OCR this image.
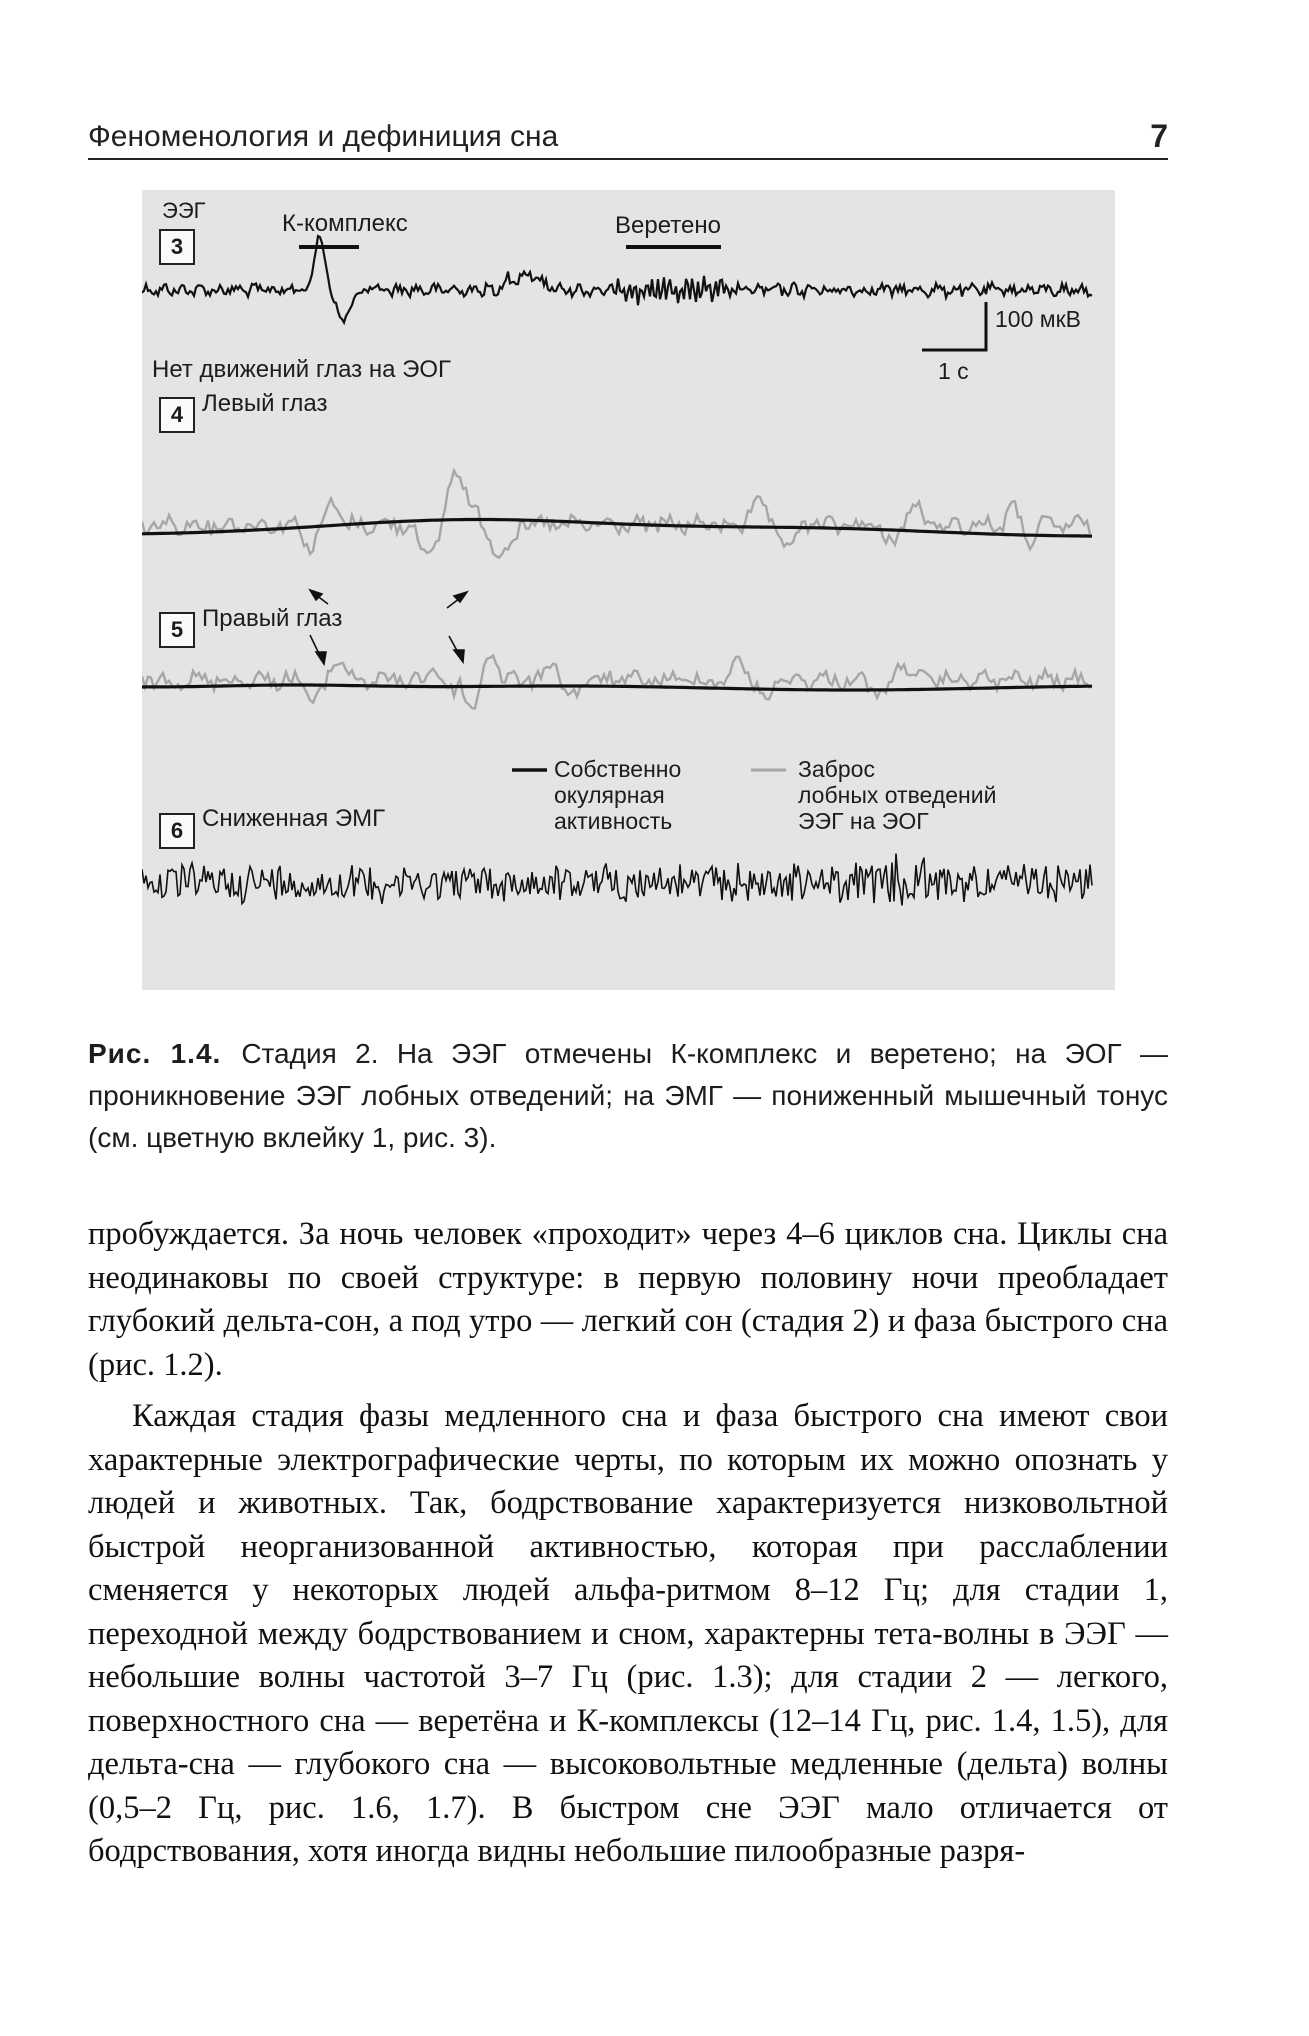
Феноменология и дефиниция сна	7
ЭЭГ
3
К-комплекс	Веретено
100 мкВ
1 с
Нет движений глаз на ЭОГ
4 Левый глаз
5 Правый глаз
Собственно
окулярная
активность
Заброс
лобных отведений
ЭЭГ на ЭОГ
6 Сниженная ЭМГ
Рис. 1.4. Стадия 2. На ЭЭГ отмечены К-комплекс и веретено; на ЭОГ — проникновение ЭЭГ лобных отведений; на ЭМГ — пониженный мышечный тонус (см. цветную вклейку 1, рис. 3).

пробуждается. За ночь человек «проходит» через 4–6 циклов сна. Циклы сна неодинаковы по своей структуре: в первую половину ночи преобладает глубокий дельта-сон, а под утро — легкий сон (стадия 2) и фаза быстрого сна (рис. 1.2).

Каждая стадия фазы медленного сна и фаза быстрого сна имеют свои характерные электрографические черты, по которым их можно опознать у людей и животных. Так, бодрствование характеризуется низковольтной быстрой неорганизованной активностью, которая при расслаблении сменяется у некоторых людей альфа-ритмом 8–12 Гц; для стадии 1, переходной между бодрствованием и сном, характерны тета-волны в ЭЭГ — небольшие волны частотой 3–7 Гц (рис. 1.3); для стадии 2 — легкого, поверхностного сна — веретёна и К-комплексы (12–14 Гц, рис. 1.4, 1.5), для дельта-сна — глубокого сна — высоковольтные медленные (дельта) волны (0,5–2 Гц, рис. 1.6, 1.7). В быстром сне ЭЭГ мало отличается от бодрствования, хотя иногда видны небольшие пилообразные разря-
